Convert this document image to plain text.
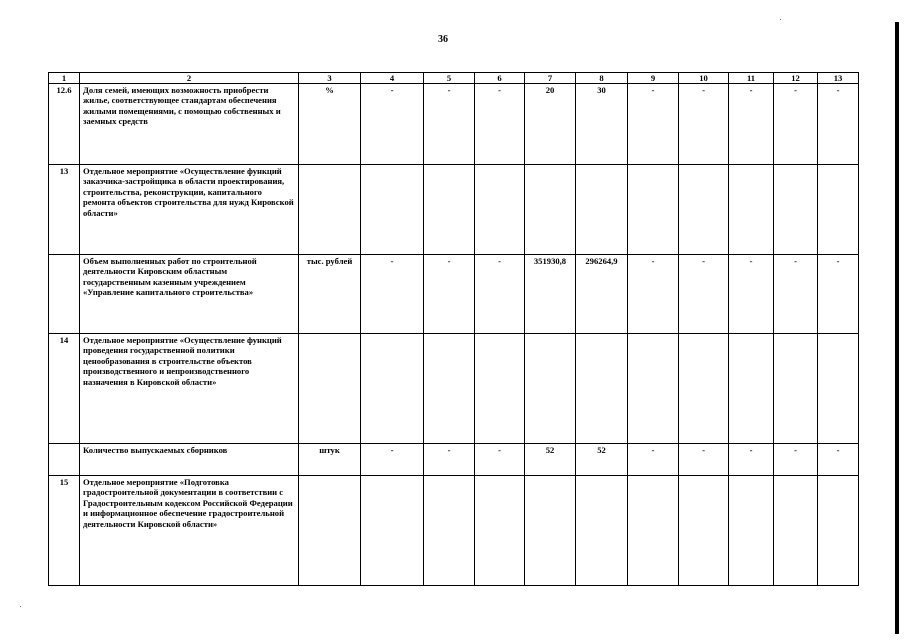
36
1	2	3	4	5	6	7	8	9	10	11	12	13
12.6	Доля семей, имеющих возможность приобрести жилье, соответствующее стандартам обеспечения жилыми помещениями, с помощью собственных и заемных средств	%	-	-	-	20	30	-	-	-	-	-
13	Отдельное мероприятие «Осуществление функций заказчика-застройщика в области проектирования, строительства, реконструкции, капитального ремонта объектов строительства для нужд Кировской области»											
	Объем выполненных работ по строительной деятельности Кировским областным государственным казенным учреждением «Управление капитального строительства»	тыс. рублей	-	-	-	351930,8	296264,9	-	-	-	-	-
14	Отдельное мероприятие «Осуществление функций проведения государственной политики ценообразования в строительстве объектов производственного и непроизводственного назначения в Кировской области»											
	Количество выпускаемых сборников	штук	-	-	-	52	52	-	-	-	-	-
15	Отдельное мероприятие «Подготовка градостроительной документации в соответствии с Градостроительным кодексом Российской Федерации и информационное обеспечение градостроительной деятельности Кировской области»											
